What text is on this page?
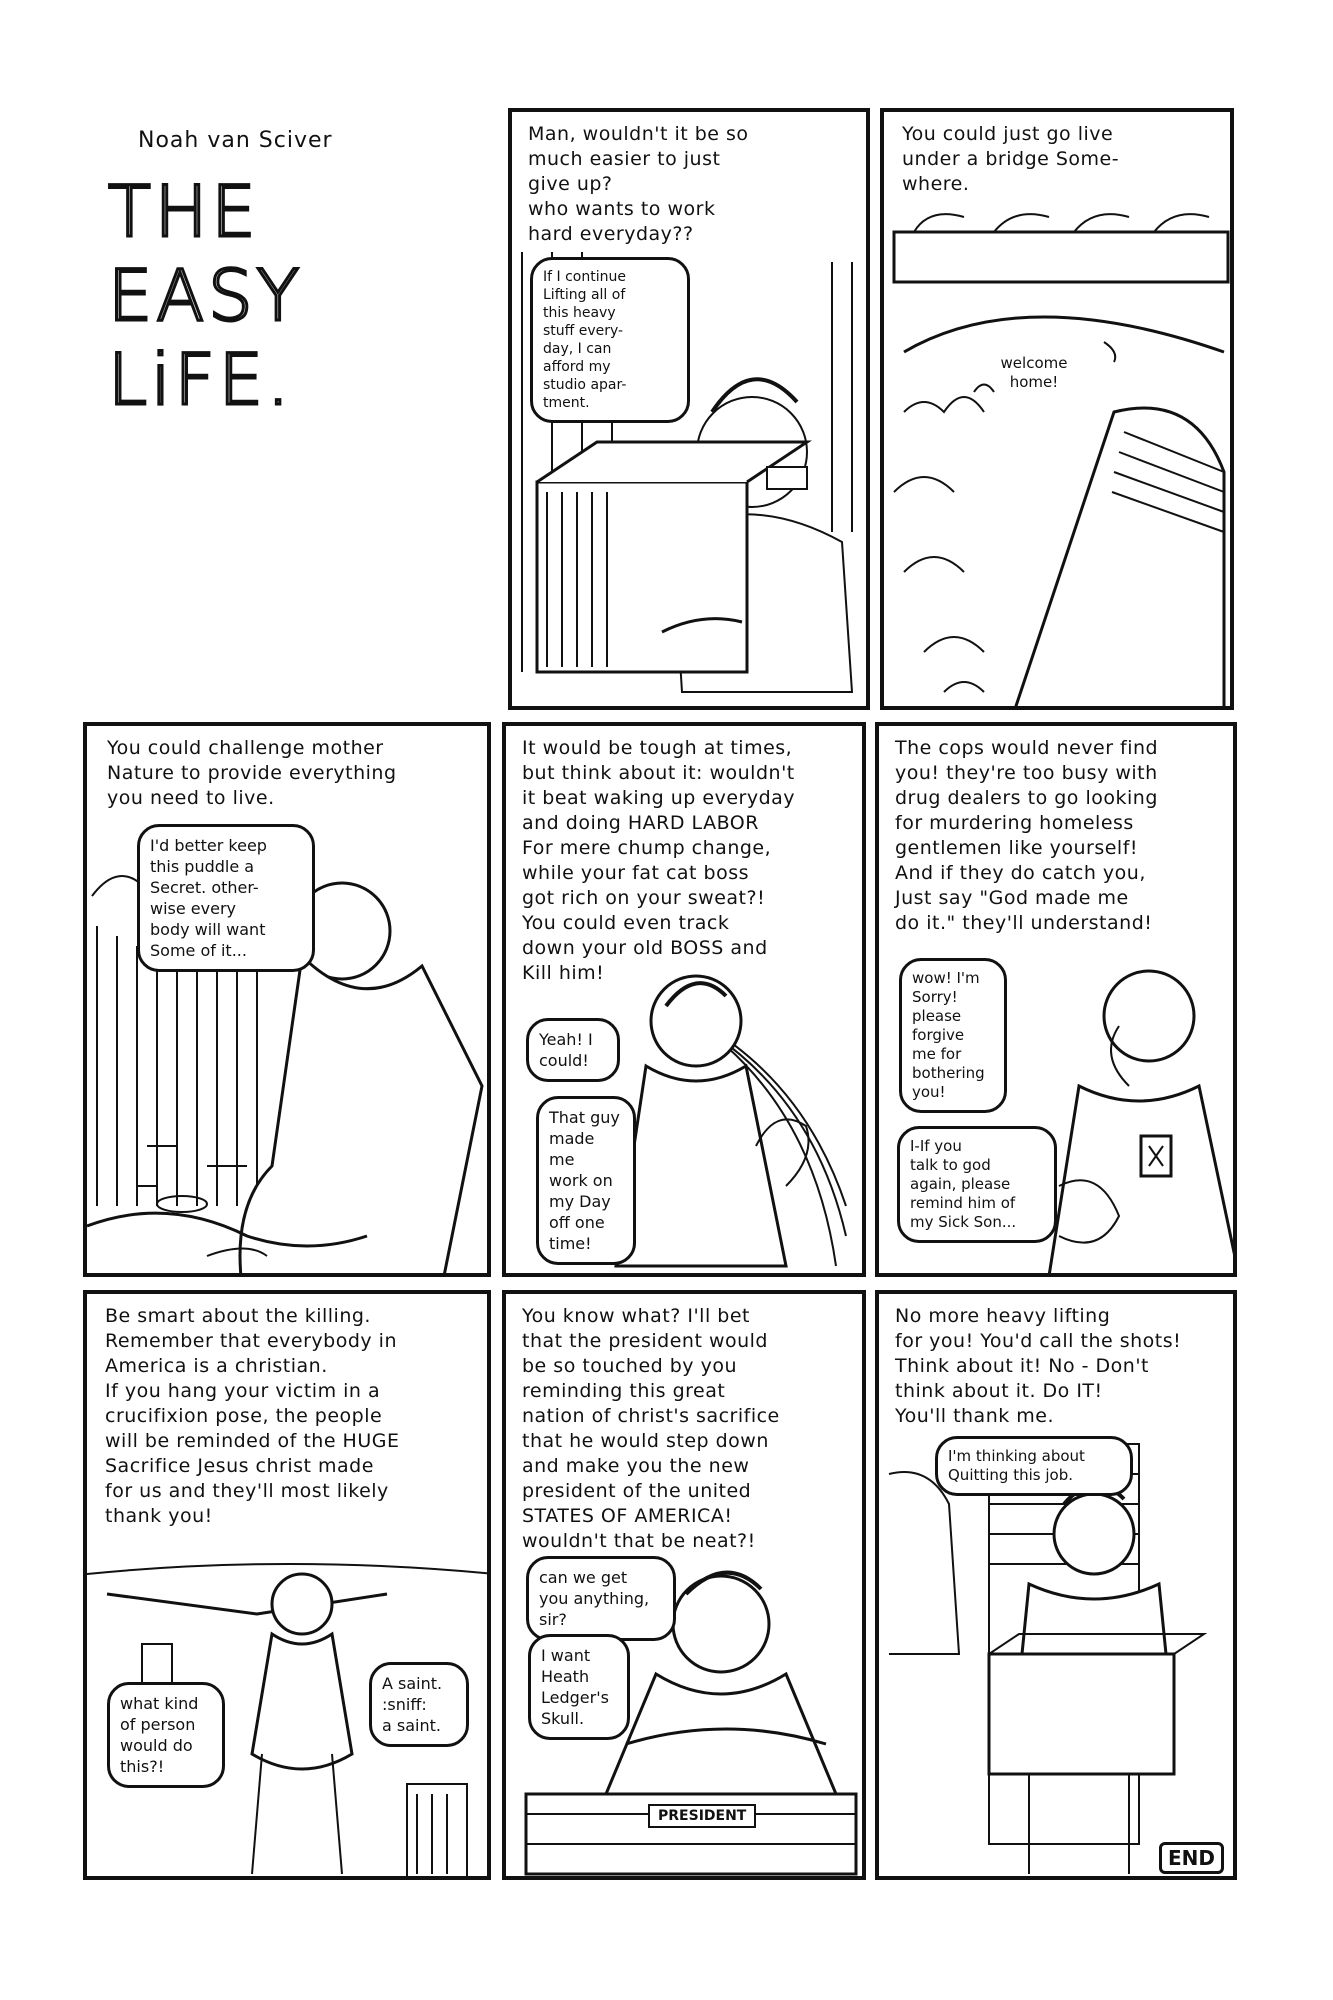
Noah van Sciver
THE
EASY
LiFE.
Man, wouldn't it be so
much easier to just
give up?
who wants to work
hard everyday??
If I continue
Lifting all of
this heavy
stuff every-
day, I can
afford my
studio apar-
tment.
You could just go live
under a bridge Some-
where.
welcome
home!
You could challenge mother
Nature to provide everything
you need to live.
I'd better keep
this puddle a
Secret. other-
wise every
body will want
Some of it...
It would be tough at times,
but think about it: wouldn't
it beat waking up everyday
and doing HARD LABOR
For mere chump change,
while your fat cat boss
got rich on your sweat?!
You could even track
down your old BOSS and
Kill him!
Yeah! I
could!
That guy
made me
work on
my Day
off one
time!
The cops would never find
you! they're too busy with
drug dealers to go looking
for murdering homeless
gentlemen like yourself!
And if they do catch you,
Just say "God made me
do it." they'll understand!
wow! I'm
Sorry!
please
forgive
me for
bothering
you!
I-If you
talk to god
again, please
remind him of
my Sick Son...
Be smart about the killing.
Remember that everybody in
America is a christian.
If you hang your victim in a
crucifixion pose, the people
will be reminded of the HUGE
Sacrifice Jesus christ made
for us and they'll most likely
thank you!
what kind
of person
would do
this?!
A saint.
:sniff:
a saint.
You know what? I'll bet
that the president would
be so touched by you
reminding this great
nation of christ's sacrifice
that he would step down
and make you the new
president of the united
STATES OF AMERICA!
wouldn't that be neat?!
can we get
you anything,
sir?
I want
Heath
Ledger's
Skull.
PRESIDENT
No more heavy lifting
for you! You'd call the shots!
Think about it! No - Don't
think about it. Do IT!
You'll thank me.
I'm thinking about
Quitting this job.
END
